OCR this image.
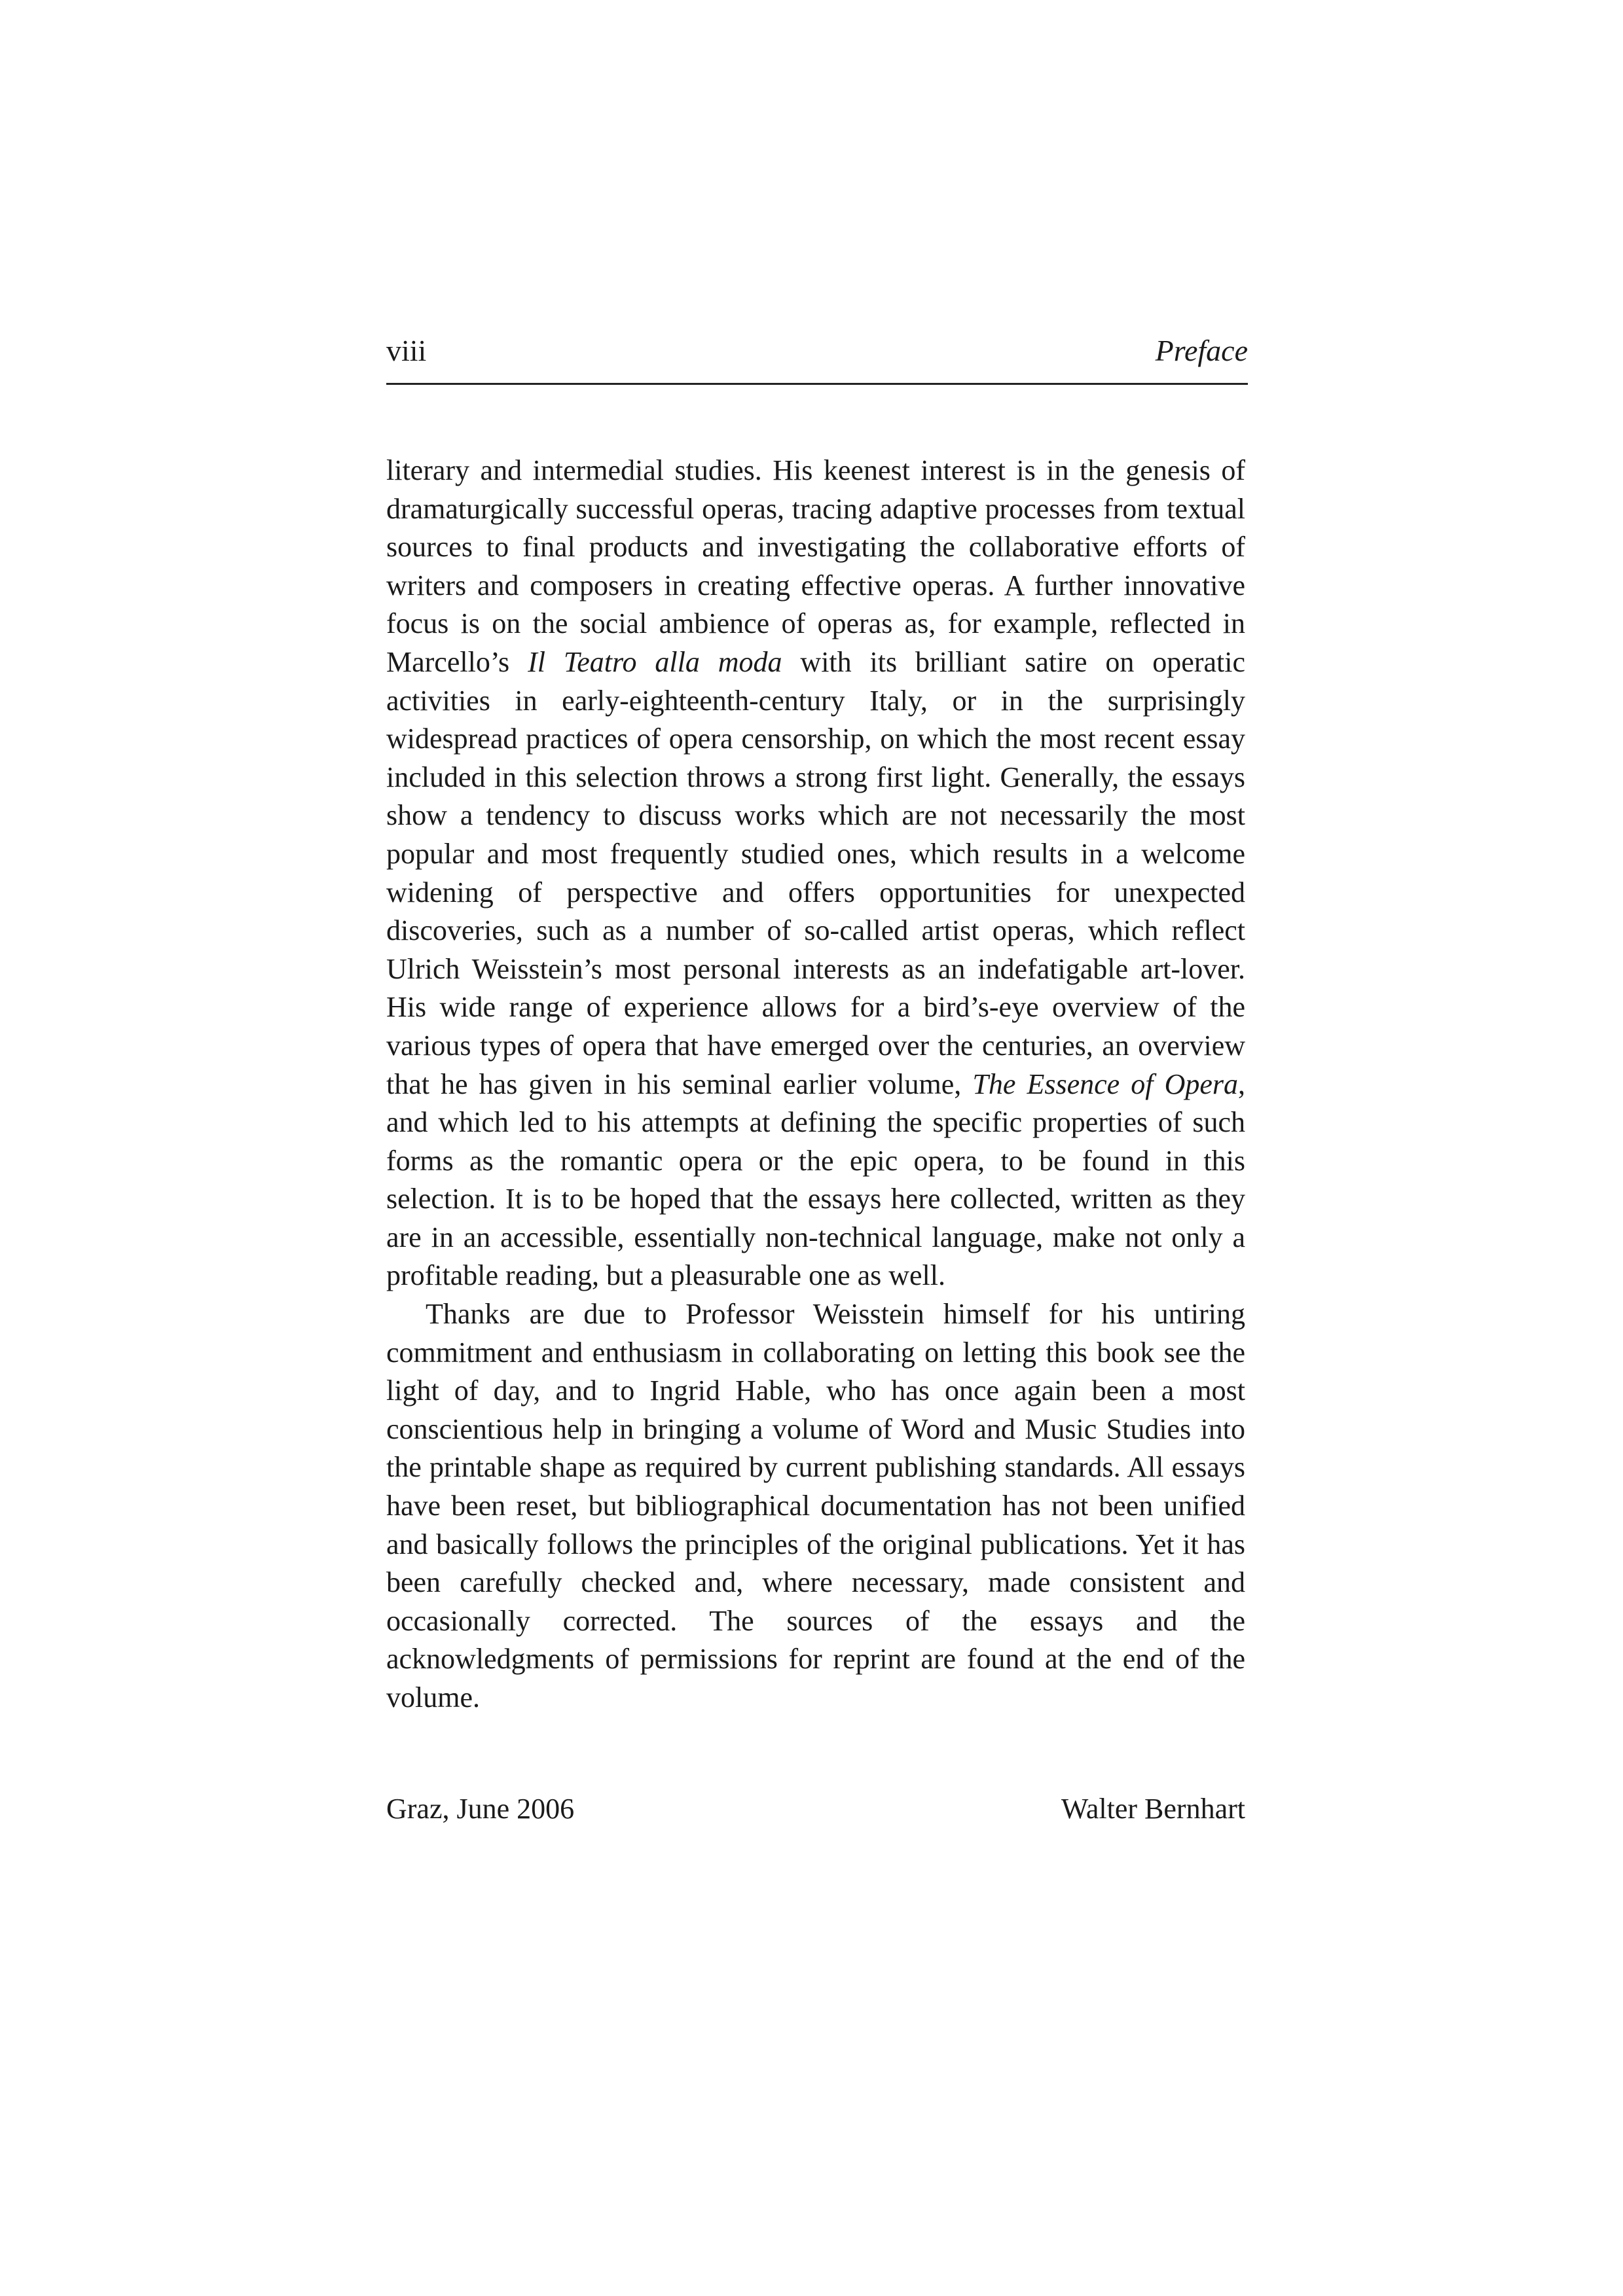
viii	Preface

literary and intermedial studies. His keenest interest is in the genesis of dramaturgically successful operas, tracing adaptive processes from textual sources to final products and investigating the collaborative efforts of writers and composers in creating effective operas. A further innovative focus is on the social ambience of operas as, for example, reflected in Marcello’s Il Teatro alla moda with its brilliant satire on operatic activities in early-eighteenth-century Italy, or in the surprisingly widespread practices of opera censorship, on which the most recent essay included in this selection throws a strong first light. Generally, the essays show a tendency to discuss works which are not necessarily the most popular and most frequently studied ones, which results in a welcome widening of perspective and offers opportunities for unexpected discoveries, such as a number of so-called artist operas, which reflect Ulrich Weisstein’s most personal interests as an indefatigable art-lover. His wide range of experience allows for a bird’s-eye overview of the various types of opera that have emerged over the centuries, an overview that he has given in his seminal earlier volume, The Essence of Opera, and which led to his attempts at defining the specific properties of such forms as the romantic opera or the epic opera, to be found in this selection. It is to be hoped that the essays here collected, written as they are in an accessible, essentially non-technical language, make not only a profitable reading, but a pleasurable one as well.

Thanks are due to Professor Weisstein himself for his untiring commitment and enthusiasm in collaborating on letting this book see the light of day, and to Ingrid Hable, who has once again been a most conscientious help in bringing a volume of Word and Music Studies into the printable shape as required by current publishing standards. All essays have been reset, but bibliographical documentation has not been unified and basically follows the principles of the original publications. Yet it has been carefully checked and, where necessary, made consistent and occasionally corrected. The sources of the essays and the acknowledgments of permissions for reprint are found at the end of the volume.

Graz, June 2006	Walter Bernhart
